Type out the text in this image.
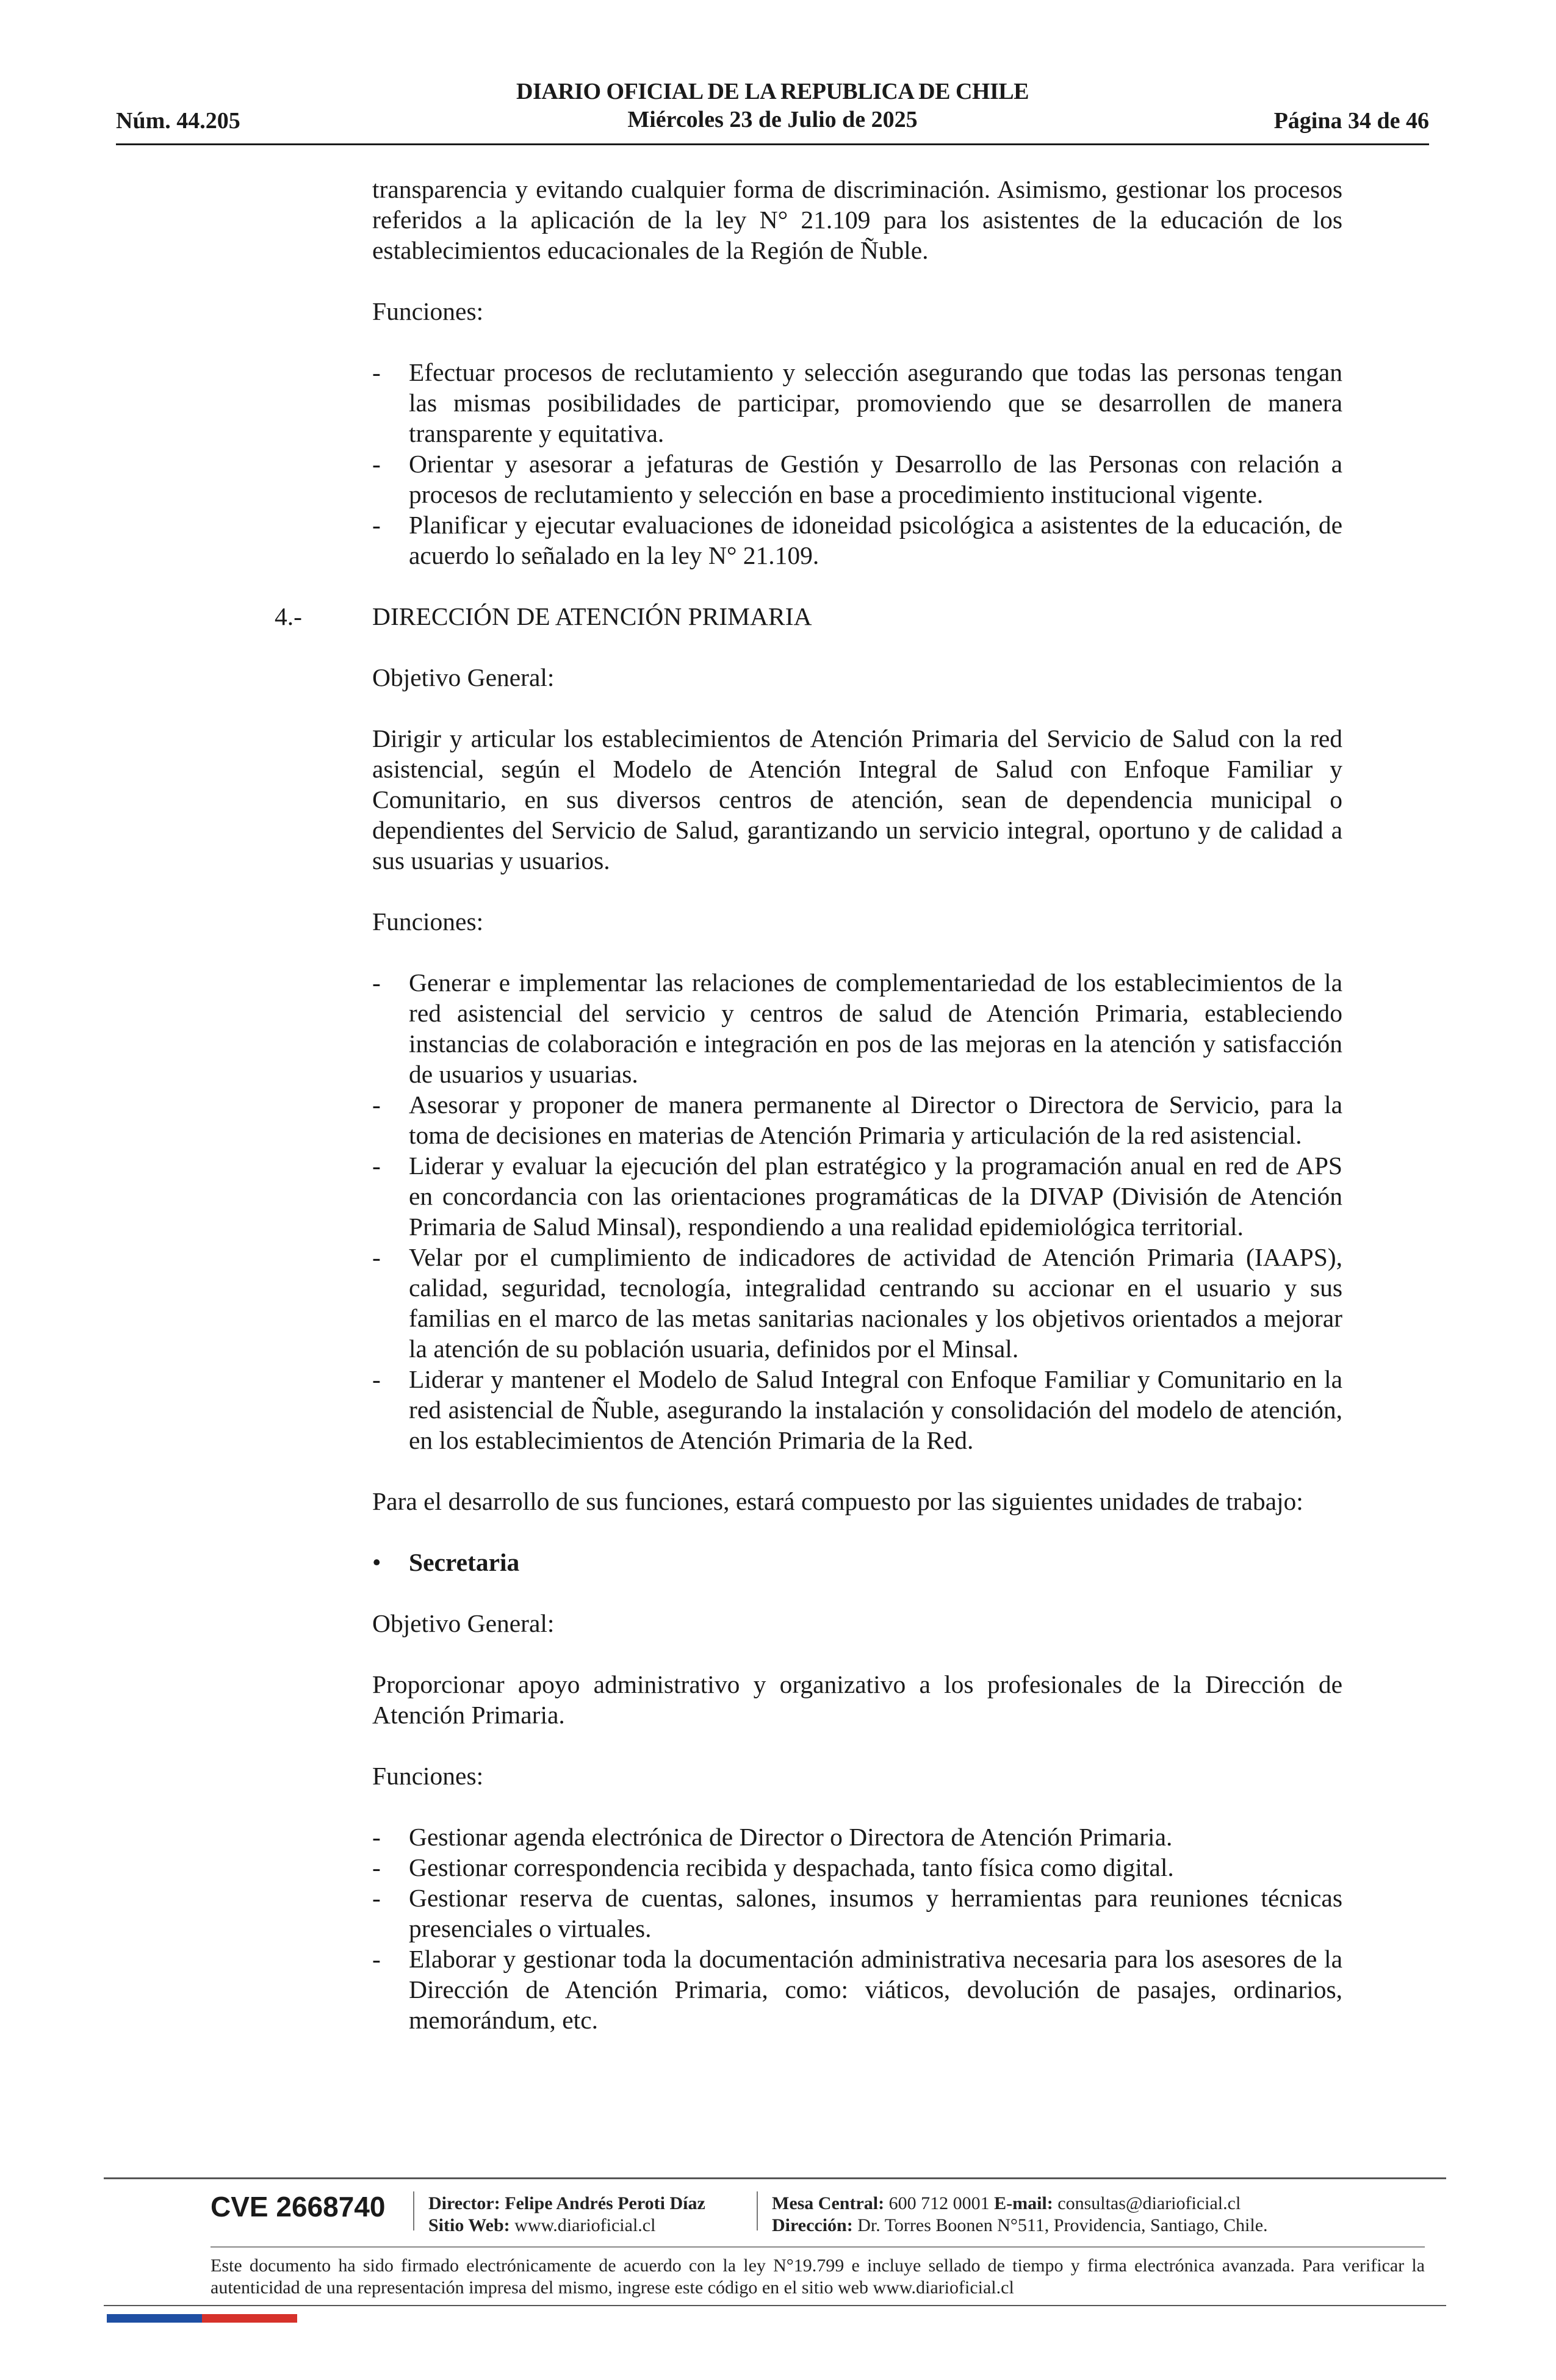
DIARIO OFICIAL DE LA REPUBLICA DE CHILE
Núm. 44.205	Miércoles 23 de Julio de 2025	Página 34 de 46

transparencia y evitando cualquier forma de discriminación. Asimismo, gestionar los procesos referidos a la aplicación de la ley N° 21.109 para los asistentes de la educación de los establecimientos educacionales de la Región de Ñuble.

Funciones:

-	Efectuar procesos de reclutamiento y selección asegurando que todas las personas tengan las mismas posibilidades de participar, promoviendo que se desarrollen de manera transparente y equitativa.
-	Orientar y asesorar a jefaturas de Gestión y Desarrollo de las Personas con relación a procesos de reclutamiento y selección en base a procedimiento institucional vigente.
-	Planificar y ejecutar evaluaciones de idoneidad psicológica a asistentes de la educación, de acuerdo lo señalado en la ley N° 21.109.
4.-	DIRECCIÓN DE ATENCIÓN PRIMARIA

Objetivo General:

Dirigir y articular los establecimientos de Atención Primaria del Servicio de Salud con la red asistencial, según el Modelo de Atención Integral de Salud con Enfoque Familiar y Comunitario, en sus diversos centros de atención, sean de dependencia municipal o dependientes del Servicio de Salud, garantizando un servicio integral, oportuno y de calidad a sus usuarias y usuarios.

Funciones:

-	Generar e implementar las relaciones de complementariedad de los establecimientos de la red asistencial del servicio y centros de salud de Atención Primaria, estableciendo instancias de colaboración e integración en pos de las mejoras en la atención y satisfacción de usuarios y usuarias.
-	Asesorar y proponer de manera permanente al Director o Directora de Servicio, para la toma de decisiones en materias de Atención Primaria y articulación de la red asistencial.
-	Liderar y evaluar la ejecución del plan estratégico y la programación anual en red de APS en concordancia con las orientaciones programáticas de la DIVAP (División de Atención Primaria de Salud Minsal), respondiendo a una realidad epidemiológica territorial.
-	Velar por el cumplimiento de indicadores de actividad de Atención Primaria (IAAPS), calidad, seguridad, tecnología, integralidad centrando su accionar en el usuario y sus familias en el marco de las metas sanitarias nacionales y los objetivos orientados a mejorar la atención de su población usuaria, definidos por el Minsal.
-	Liderar y mantener el Modelo de Salud Integral con Enfoque Familiar y Comunitario en la red asistencial de Ñuble, asegurando la instalación y consolidación del modelo de atención, en los establecimientos de Atención Primaria de la Red.

Para el desarrollo de sus funciones, estará compuesto por las siguientes unidades de trabajo:

•	Secretaria

Objetivo General:

Proporcionar apoyo administrativo y organizativo a los profesionales de la Dirección de Atención Primaria.

Funciones:

-	Gestionar agenda electrónica de Director o Directora de Atención Primaria.
-	Gestionar correspondencia recibida y despachada, tanto física como digital.
-	Gestionar reserva de cuentas, salones, insumos y herramientas para reuniones técnicas presenciales o virtuales.
-	Elaborar y gestionar toda la documentación administrativa necesaria para los asesores de la Dirección de Atención Primaria, como: viáticos, devolución de pasajes, ordinarios, memorándum, etc.
CVE 2668740 Director: Felipe Andrés Peroti Díaz
Sitio Web: www.diarioficial.cl
Mesa Central: 600 712 0001 E-mail: consultas@diarioficial.cl
Dirección: Dr. Torres Boonen N°511, Providencia, Santiago, Chile.
Este documento ha sido firmado electrónicamente de acuerdo con la ley N°19.799 e incluye sellado de tiempo y firma electrónica avanzada. Para verificar la autenticidad de una representación impresa del mismo, ingrese este código en el sitio web www.diarioficial.cl
